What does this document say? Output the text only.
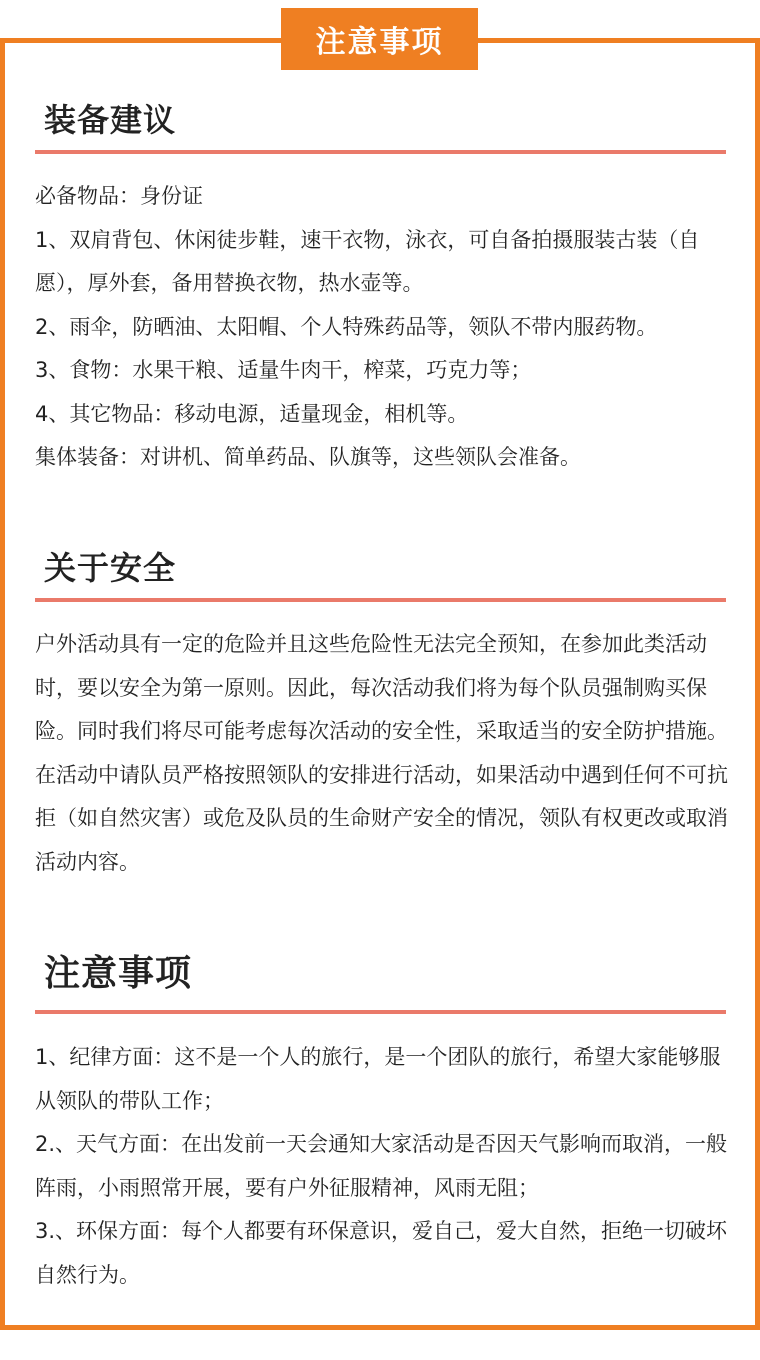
注意事项
装备建议

必备物品：身份证

1、双肩背包、休闲徒步鞋，速干衣物，泳衣，可自备拍摄服装古装（自愿），厚外套，备用替换衣物，热水壶等。

2、雨伞，防晒油、太阳帽、个人特殊药品等，领队不带内服药物。

3、食物：水果干粮、适量牛肉干，榨菜，巧克力等；

4、其它物品：移动电源，适量现金，相机等。

集体装备：对讲机、简单药品、队旗等，这些领队会准备。

关于安全

户外活动具有一定的危险并且这些危险性无法完全预知，在参加此类活动时，要以安全为第一原则。因此，每次活动我们将为每个队员强制购买保险。同时我们将尽可能考虑每次活动的安全性，采取适当的安全防护措施。在活动中请队员严格按照领队的安排进行活动，如果活动中遇到任何不可抗拒（如自然灾害）或危及队员的生命财产安全的情况，领队有权更改或取消活动内容。

注意事项

1、纪律方面：这不是一个人的旅行，是一个团队的旅行，希望大家能够服从领队的带队工作；

2.、天气方面：在出发前一天会通知大家活动是否因天气影响而取消，一般阵雨，小雨照常开展，要有户外征服精神，风雨无阻；

3.、环保方面：每个人都要有环保意识，爱自己，爱大自然，拒绝一切破坏自然行为。
